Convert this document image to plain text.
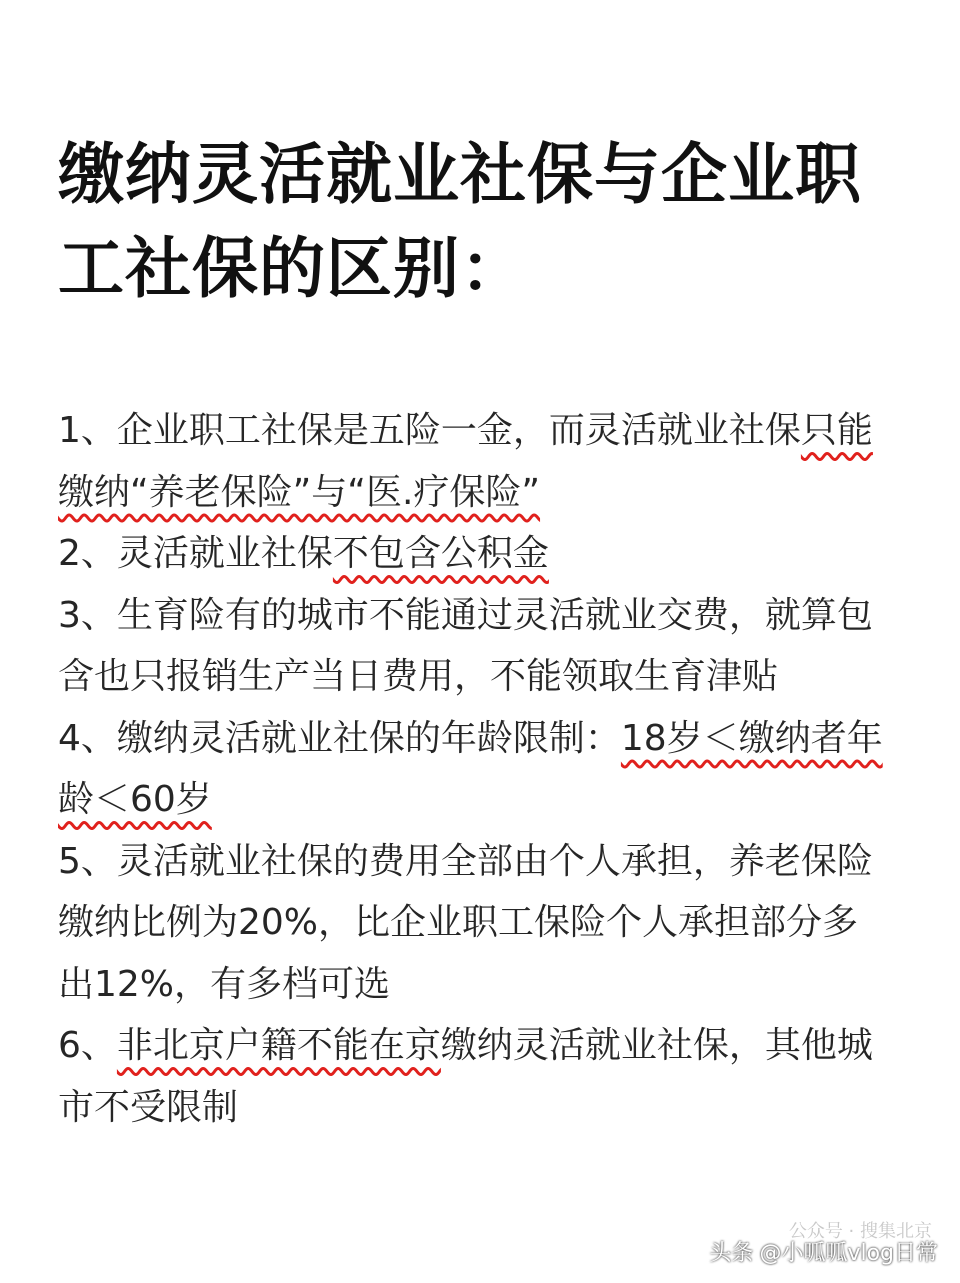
缴纳灵活就业社保与企业职工社保的区别：

1、企业职工社保是五险一金，而灵活就业社保只能缴纳“养老保险”与“医.疗保险”

2、灵活就业社保不包含公积金

3、生育险有的城市不能通过灵活就业交费，就算包含也只报销生产当日费用，不能领取生育津贴

4、缴纳灵活就业社保的年龄限制：18岁＜缴纳者年龄＜60岁

5、灵活就业社保的费用全部由个人承担，养老保险缴纳比例为20%，比企业职工保险个人承担部分多出12%，有多档可选

6、非北京户籍不能在京缴纳灵活就业社保，其他城市不受限制

公众号 · 搜集北京
头条 @小呱呱vlog日常
